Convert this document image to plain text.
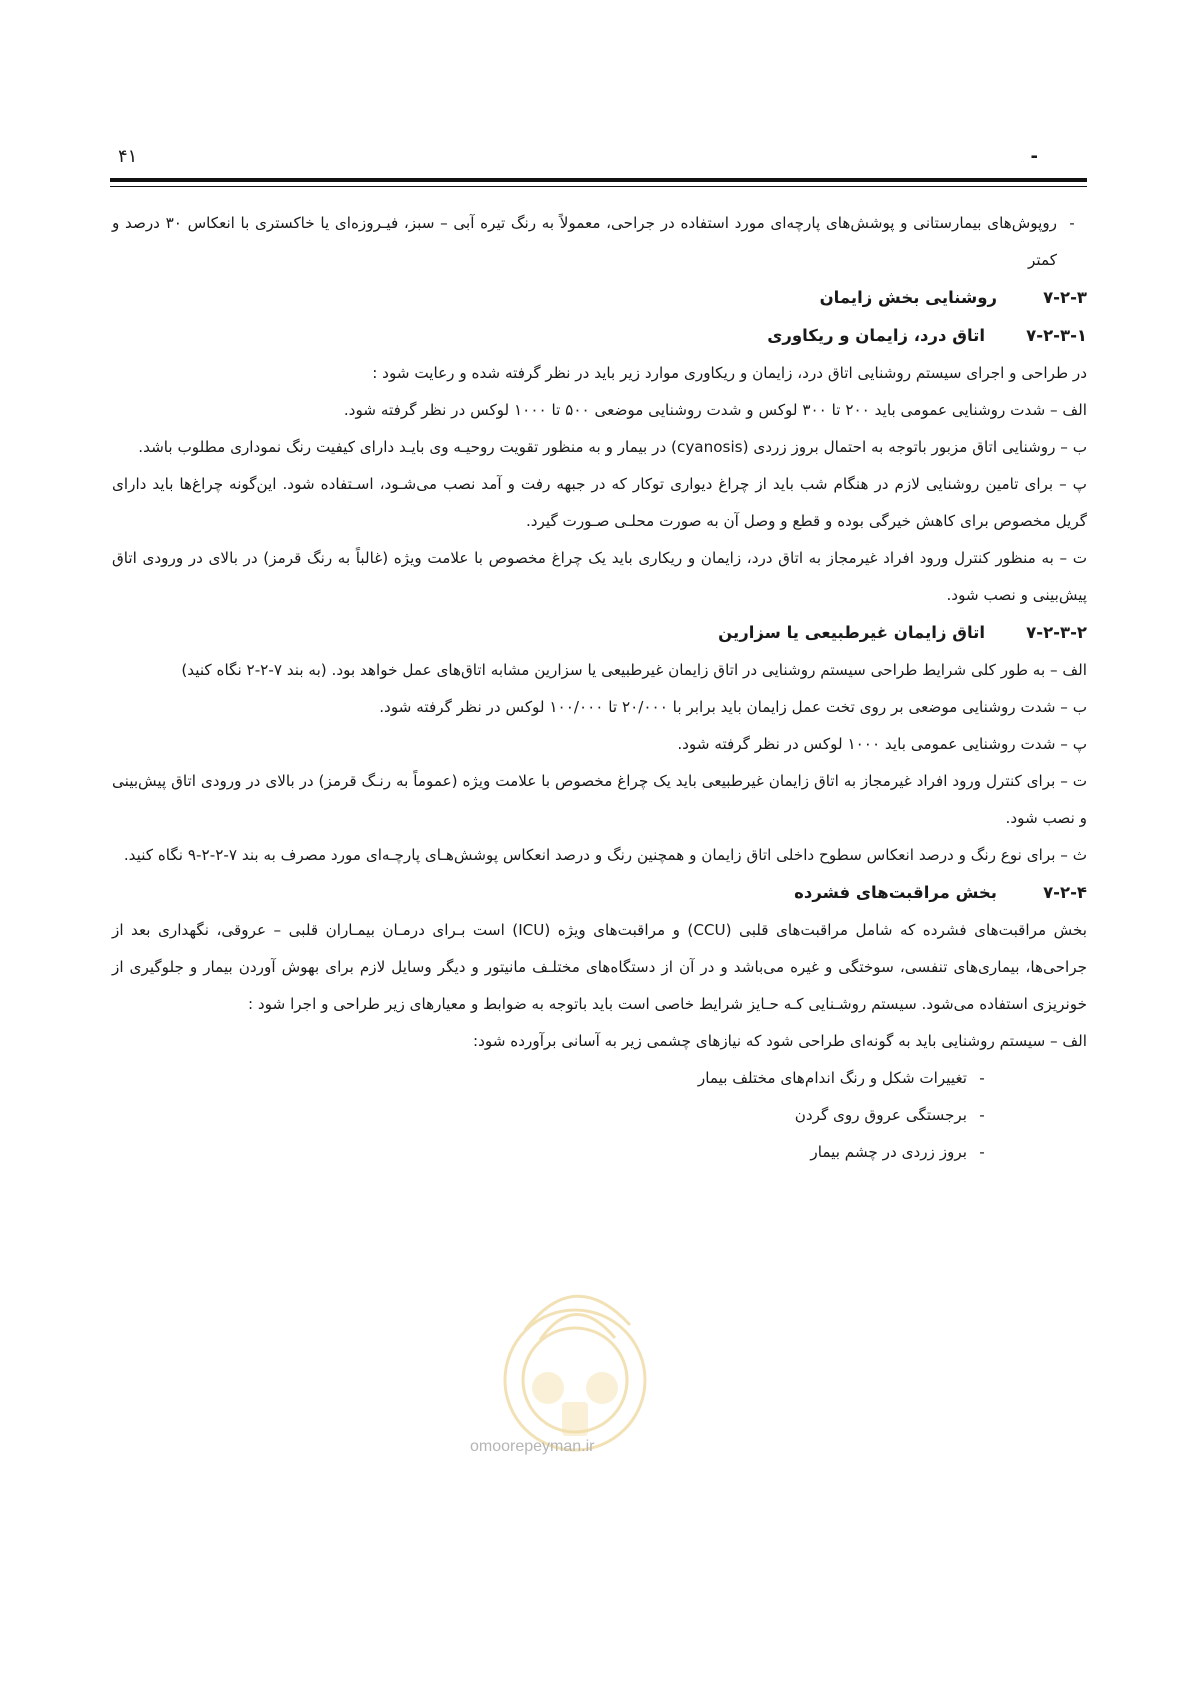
۴۱	-
-
روپوش‌های بیمارستانی و پوشش‌های پارچه‌ای مورد استفاده در جراحی، معمولاً به رنگ تیره آبی – سبز، فیـروزه‌ای یا خاکستری با انعکاس ۳۰ درصد و کمتر
۷-۲-۳
روشنایی بخش زایمان
۷-۲-۳-۱
اتاق درد، زایمان و ریکاوری

در طراحی و اجرای سیستم روشنایی اتاق درد، زایمان و ریکاوری موارد زیر باید در نظر گرفته شده و رعایت شود :

الف – شدت روشنایی عمومی باید ۲۰۰ تا ۳۰۰ لوکس و شدت روشنایی موضعی ۵۰۰ تا ۱۰۰۰ لوکس در نظر گرفته شود.

ب – روشنایی اتاق مزبور باتوجه به احتمال بروز زردی (cyanosis) در بیمار و به منظور تقویت روحیـه وی بایـد دارای کیفیت رنگ نموداری مطلوب باشد.

پ – برای تامین روشنایی لازم در هنگام شب باید از چراغ دیواری توکار که در جبهه رفت و آمد نصب می‌شـود، اسـتفاده شود. این‌گونه چراغ‌ها باید دارای گریل مخصوص برای کاهش خیرگی بوده و قطع و وصل آن به صورت محلـی صـورت گیرد.

ت – به منظور کنترل ورود افراد غیرمجاز به اتاق درد، زایمان و ریکاری باید یک چراغ مخصوص با علامت ویژه (غالباً به رنگ قرمز) در بالای در ورودی اتاق پیش‌بینی و نصب شود.

۷-۲-۳-۲
اتاق زایمان غیرطبیعی یا سزارین

الف – به طور کلی شرایط طراحی سیستم روشنایی در اتاق زایمان غیرطبیعی یا سزارین مشابه اتاق‌های عمل خواهد بود. (به بند ۷-۲-۲ نگاه کنید)

ب – شدت روشنایی موضعی بر روی تخت عمل زایمان باید برابر با ۲۰/۰۰۰ تا ۱۰۰/۰۰۰ لوکس در نظر گرفته شود.

پ – شدت روشنایی عمومی باید ۱۰۰۰ لوکس در نظر گرفته شود.

ت – برای کنترل ورود افراد غیرمجاز به اتاق زایمان غیرطبیعی باید یک چراغ مخصوص با علامت ویژه (عموماً به رنـگ قرمز) در بالای در ورودی اتاق پیش‌بینی و نصب شود.

ث – برای نوع رنگ و درصد انعکاس سطوح داخلی اتاق زایمان و همچنین رنگ و درصد انعکاس پوشش‌هـای پارچـه‌ای مورد مصرف به بند ۷-۲-۲-۹ نگاه کنید.

۷-۲-۴
بخش مراقبت‌های فشرده

بخش مراقبت‌های فشرده که شامل مراقبت‌های قلبی (CCU) و مراقبت‌های ویژه (ICU) است بـرای درمـان بیمـاران قلبی – عروقی، نگهداری بعد از جراحی‌ها، بیماری‌های تنفسی، سوختگی و غیره می‌باشد و در آن از دستگاه‌های مختلـف مانیتور و دیگر وسایل لازم برای بهوش آوردن بیمار و جلوگیری از خونریزی استفاده می‌شود. سیستم روشـنایی کـه حـایز شرایط خاصی است باید باتوجه به ضوابط و معیارهای زیر طراحی و اجرا شود :

الف – سیستم روشنایی باید به گونه‌ای طراحی شود که نیازهای چشمی زیر به آسانی برآورده شود:

-
تغییرات شکل و رنگ اندام‌های مختلف بیمار
-
برجستگی عروق روی گردن
-
بروز زردی در چشم بیمار
omoorepeyman.ir
